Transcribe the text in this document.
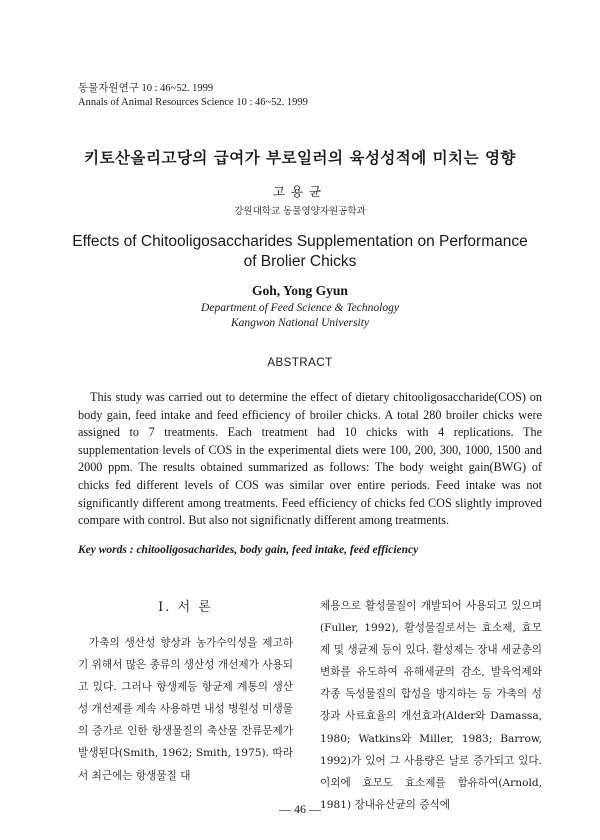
동물자원연구 10 : 46~52. 1999
Annals of Animal Resources Science 10 : 46~52. 1999
키토산올리고당의 급여가 부로일러의 육성성적에 미치는 영향
고용균
강원대학교 동물영양자원공학과
Effects of Chitooligosaccharides Supplementation on Performance of Brolier Chicks
Goh, Yong Gyun
Department of Feed Science & Technology
Kangwon National University
ABSTRACT

This study was carried out to determine the effect of dietary chitooligosaccharide(COS) on body gain, feed intake and feed efficiency of broiler chicks. A total 280 broiler chicks were assigned to 7 treatments. Each treatment had 10 chicks with 4 replications. The supplementation levels of COS in the experimental diets were 100, 200, 300, 1000, 1500 and 2000 ppm. The results obtained summarized as follows: The body weight gain(BWG) of chicks fed different levels of COS was similar over entire periods. Feed intake was not significantly different among treatments. Feed efficiency of chicks fed COS slightly improved compare with control. But also not significnatly different among treatments.

Key words : chitooligosacharides, body gain, feed intake, feed efficiency
Ⅰ. 서 론

가축의 생산성 향상과 농가수익성을 제고하기 위해서 많은 종류의 생산성 개선제가 사용되고 있다. 그러나 항생제등 항균제 계통의 생산성 개선제를 계속 사용하면 내성 병원성 미생물의 증가로 인한 항생물질의 축산물 잔류문제가 발생된다(Smith, 1962; Smith, 1975). 따라서 최근에는 항생물질 대

체용으로 활성물질이 개발되어 사용되고 있으며(Fuller, 1992), 활성물질로서는 효소제, 효모제 및 생균제 등이 있다. 활성제는 장내 세균총의 변화를 유도하여 유해세균의 감소, 발육억제와 각종 독성물질의 합성을 방지하는 등 가축의 성장과 사료효율의 개선효과(Alder와 Damassa, 1980; Watkins와 Miller, 1983; Barrow, 1992)가 있어 그 사용량은 날로 증가되고 있다. 이외에 효모도 효소제를 함유하여(Arnold, 1981) 장내유산균의 증식에

― 46 ―
